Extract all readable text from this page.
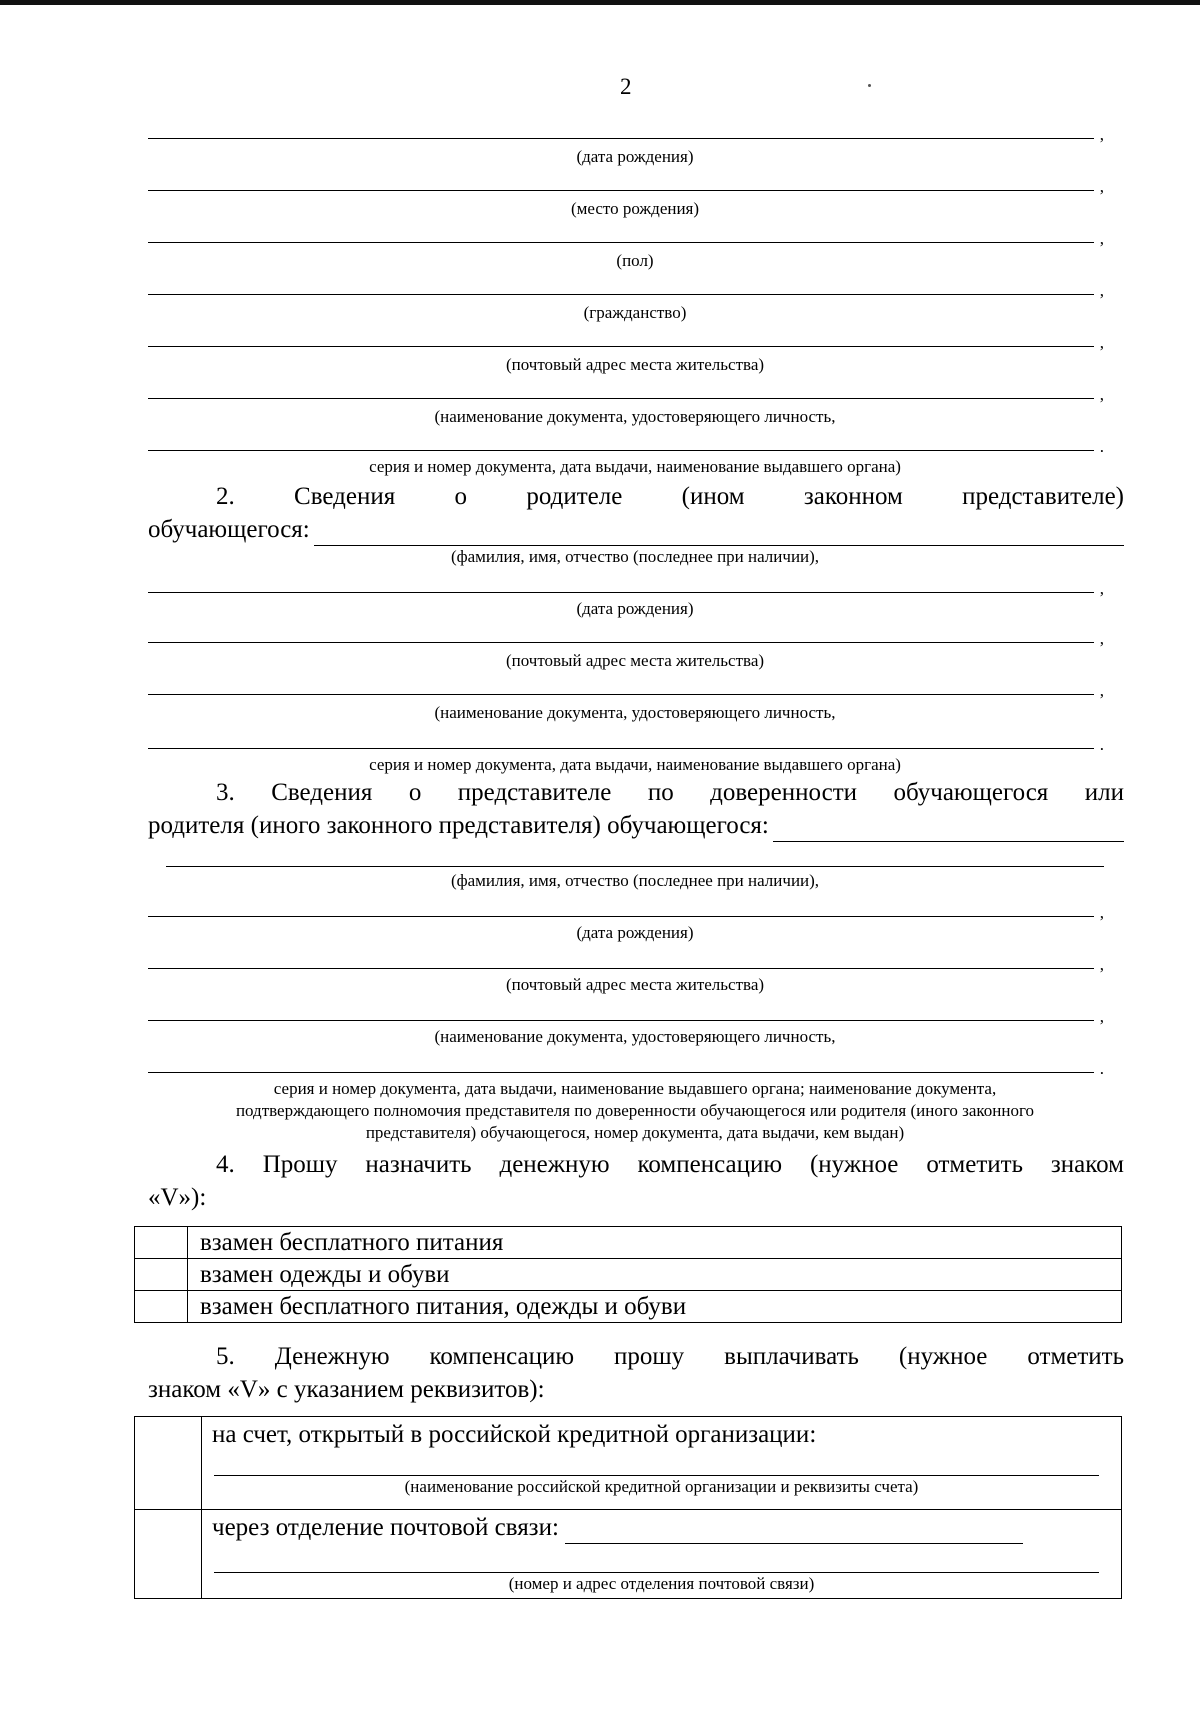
2
,
(дата рождения)
,
(место рождения)
,
(пол)
,
(гражданство)
,
(почтовый адрес места жительства)
,
(наименование документа, удостоверяющего личность,
.
серия и номер документа, дата выдачи, наименование выдавшего органа)
2. Сведения о родителе (ином законном представителе)
обучающегося:
(фамилия, имя, отчество (последнее при наличии),
,
(дата рождения)
,
(почтовый адрес места жительства)
,
(наименование документа, удостоверяющего личность,
.
серия и номер документа, дата выдачи, наименование выдавшего органа)
3. Сведения о представителе по доверенности обучающегося или
родителя (иного законного представителя) обучающегося:
(фамилия, имя, отчество (последнее при наличии),
,
(дата рождения)
,
(почтовый адрес места жительства)
,
(наименование документа, удостоверяющего личность,
.
серия и номер документа, дата выдачи, наименование выдавшего органа; наименование документа,
подтверждающего полномочия представителя по доверенности обучающегося или родителя (иного законного
представителя) обучающегося, номер документа, дата выдачи, кем выдан)
4. Прошу назначить денежную компенсацию (нужное отметить знаком
«V»):
	взамен бесплатного питания
	взамен одежды и обуви
	взамен бесплатного питания, одежды и обуви
5. Денежную компенсацию прошу выплачивать (нужное отметить
знаком «V» с указанием реквизитов):

	на счет, открытый в российской кредитной организации:
(наименование российской кредитной организации и реквизиты счета)

	через отделение почтовой связи:
(номер и адрес отделения почтовой связи)
